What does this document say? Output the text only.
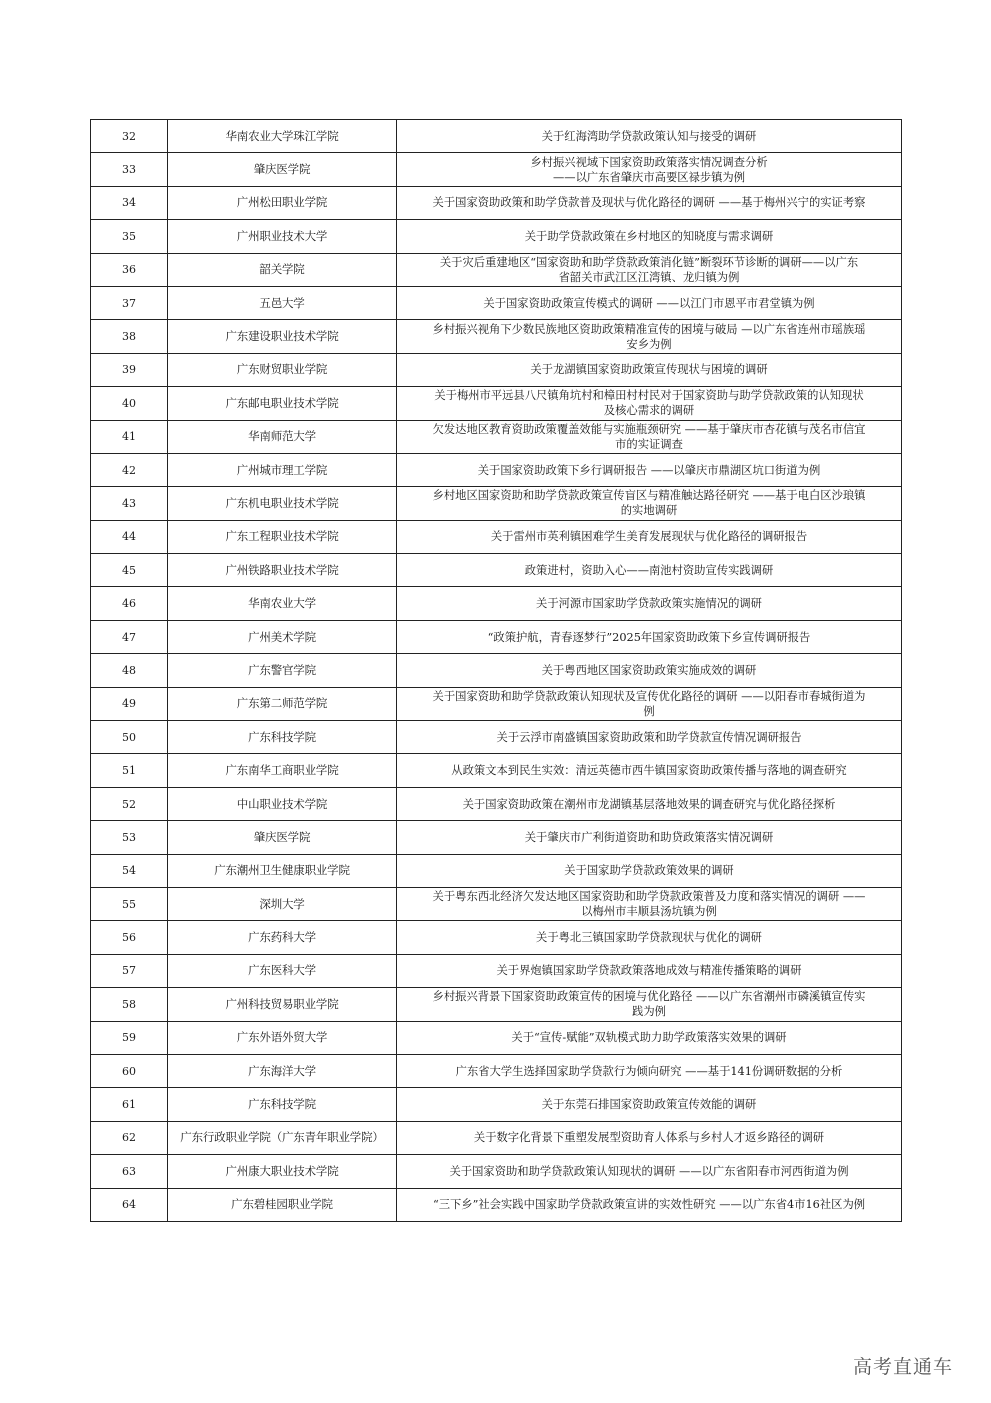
32	华南农业大学珠江学院	关于红海湾助学贷款政策认知与接受的调研

33	肇庆医学院	乡村振兴视域下国家资助政策落实情况调查分析
——以广东省肇庆市高要区禄步镇为例

34	广州松田职业学院	关于国家资助政策和助学贷款普及现状与优化路径的调研 ——基于梅州兴宁的实证考察

35	广州职业技术大学	关于助学贷款政策在乡村地区的知晓度与需求调研

36	韶关学院	关于灾后重建地区“国家资助和助学贷款政策消化链”断裂环节诊断的调研——以广东
省韶关市武江区江湾镇、龙归镇为例

37	五邑大学	关于国家资助政策宣传模式的调研 ——以江门市恩平市君堂镇为例

38	广东建设职业技术学院	乡村振兴视角下少数民族地区资助政策精准宣传的困境与破局 —以广东省连州市瑶族瑶
安乡为例

39	广东财贸职业学院	关于龙湖镇国家资助政策宣传现状与困境的调研

40	广东邮电职业技术学院	关于梅州市平远县八尺镇角坑村和樟田村村民对于国家资助与助学贷款政策的认知现状
及核心需求的调研

41	华南师范大学	欠发达地区教育资助政策覆盖效能与实施瓶颈研究 ——基于肇庆市杏花镇与茂名市信宜
市的实证调查

42	广州城市理工学院	关于国家资助政策下乡行调研报告 ——以肇庆市鼎湖区坑口街道为例

43	广东机电职业技术学院	乡村地区国家资助和助学贷款政策宣传盲区与精准触达路径研究 ——基于电白区沙琅镇
的实地调研

44	广东工程职业技术学院	关于雷州市英利镇困难学生美育发展现状与优化路径的调研报告

45	广州铁路职业技术学院	政策进村，资助入心——南池村资助宣传实践调研

46	华南农业大学	关于河源市国家助学贷款政策实施情况的调研

47	广州美术学院	“政策护航，青春逐梦行”2025年国家资助政策下乡宣传调研报告

48	广东警官学院	关于粤西地区国家资助政策实施成效的调研

49	广东第二师范学院	关于国家资助和助学贷款政策认知现状及宣传优化路径的调研 ——以阳春市春城街道为
例

50	广东科技学院	关于云浮市南盛镇国家资助政策和助学贷款宣传情况调研报告

51	广东南华工商职业学院	从政策文本到民生实效：清远英德市西牛镇国家资助政策传播与落地的调查研究

52	中山职业技术学院	关于国家资助政策在潮州市龙湖镇基层落地效果的调查研究与优化路径探析

53	肇庆医学院	关于肇庆市广利街道资助和助贷政策落实情况调研

54	广东潮州卫生健康职业学院	关于国家助学贷款政策效果的调研

55	深圳大学	关于粤东西北经济欠发达地区国家资助和助学贷款政策普及力度和落实情况的调研 ——
以梅州市丰顺县汤坑镇为例

56	广东药科大学	关于粤北三镇国家助学贷款现状与优化的调研

57	广东医科大学	关于界炮镇国家助学贷款政策落地成效与精准传播策略的调研

58	广州科技贸易职业学院	乡村振兴背景下国家资助政策宣传的困境与优化路径 ——以广东省潮州市磷溪镇宣传实
践为例

59	广东外语外贸大学	关于“宣传-赋能”双轨模式助力助学政策落实效果的调研

60	广东海洋大学	广东省大学生选择国家助学贷款行为倾向研究 ——基于141份调研数据的分析

61	广东科技学院	关于东莞石排国家资助政策宣传效能的调研

62	广东行政职业学院（广东青年职业学院）	关于数字化背景下重塑发展型资助育人体系与乡村人才返乡路径的调研

63	广州康大职业技术学院	关于国家资助和助学贷款政策认知现状的调研 ——以广东省阳春市河西街道为例

64	广东碧桂园职业学院	“三下乡”社会实践中国家助学贷款政策宣讲的实效性研究 ——以广东省4市16社区为例
高考直通车
